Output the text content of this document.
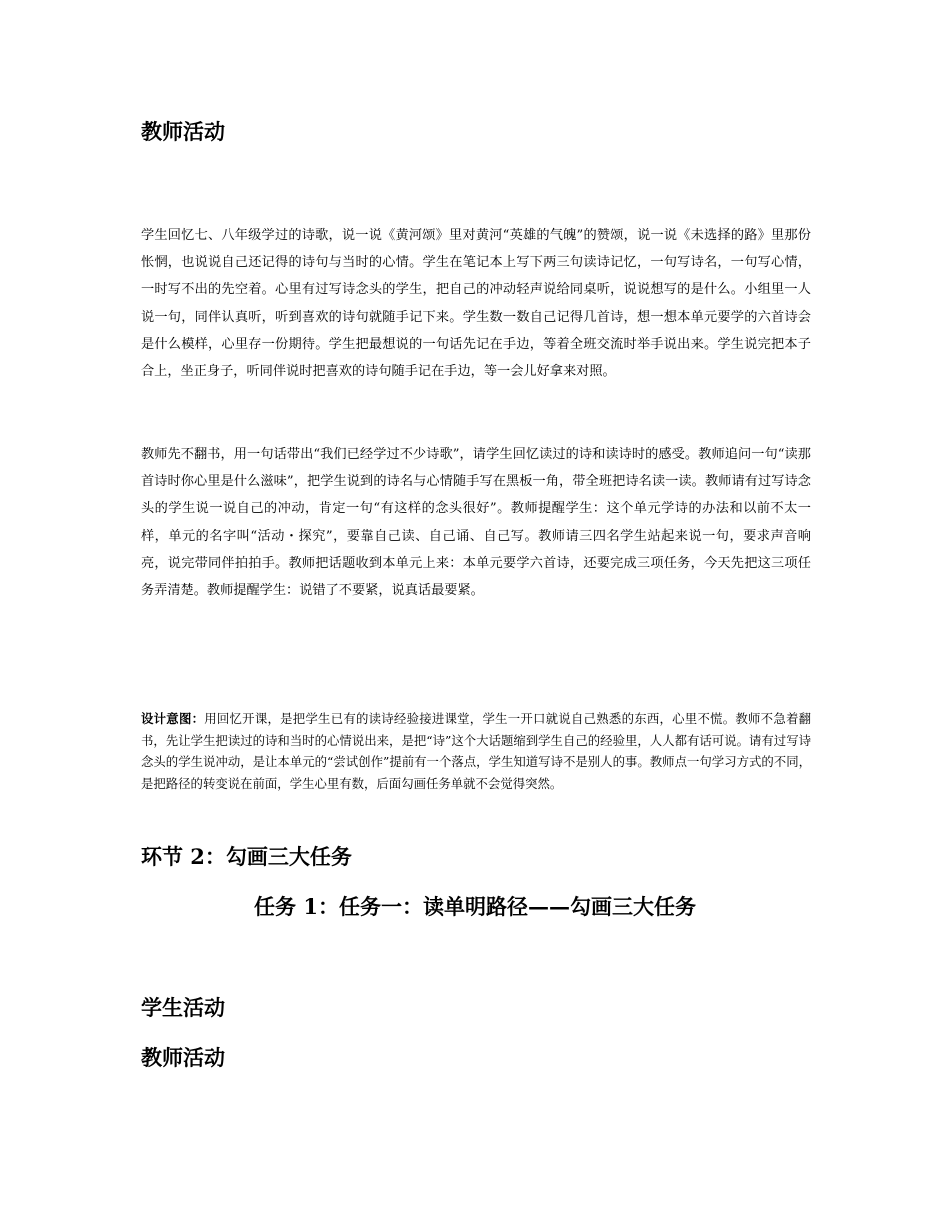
教师活动

学生回忆七、八年级学过的诗歌，说一说《黄河颂》里对黄河“英雄的气魄”的赞颂，说一说《未选择的路》里那份怅惘，也说说自己还记得的诗句与当时的心情。学生在笔记本上写下两三句读诗记忆，一句写诗名，一句写心情，一时写不出的先空着。心里有过写诗念头的学生，把自己的冲动轻声说给同桌听，说说想写的是什么。小组里一人说一句，同伴认真听，听到喜欢的诗句就随手记下来。学生数一数自己记得几首诗，想一想本单元要学的六首诗会是什么模样，心里存一份期待。学生把最想说的一句话先记在手边，等着全班交流时举手说出来。学生说完把本子合上，坐正身子，听同伴说时把喜欢的诗句随手记在手边，等一会儿好拿来对照。

教师先不翻书，用一句话带出“我们已经学过不少诗歌”，请学生回忆读过的诗和读诗时的感受。教师追问一句“读那首诗时你心里是什么滋味”，把学生说到的诗名与心情随手写在黑板一角，带全班把诗名读一读。教师请有过写诗念头的学生说一说自己的冲动，肯定一句“有这样的念头很好”。教师提醒学生：这个单元学诗的办法和以前不太一样，单元的名字叫“活动・探究”，要靠自己读、自己诵、自己写。教师请三四名学生站起来说一句，要求声音响亮，说完带同伴拍拍手。教师把话题收到本单元上来：本单元要学六首诗，还要完成三项任务，今天先把这三项任务弄清楚。教师提醒学生：说错了不要紧，说真话最要紧。

设计意图：用回忆开课，是把学生已有的读诗经验接进课堂，学生一开口就说自己熟悉的东西，心里不慌。教师不急着翻书，先让学生把读过的诗和当时的心情说出来，是把“诗”这个大话题缩到学生自己的经验里，人人都有话可说。请有过写诗念头的学生说冲动，是让本单元的“尝试创作”提前有一个落点，学生知道写诗不是别人的事。教师点一句学习方式的不同，是把路径的转变说在前面，学生心里有数，后面勾画任务单就不会觉得突然。

环节 2：勾画三大任务
任务 1：任务一：读单明路径——勾画三大任务
学生活动
教师活动
